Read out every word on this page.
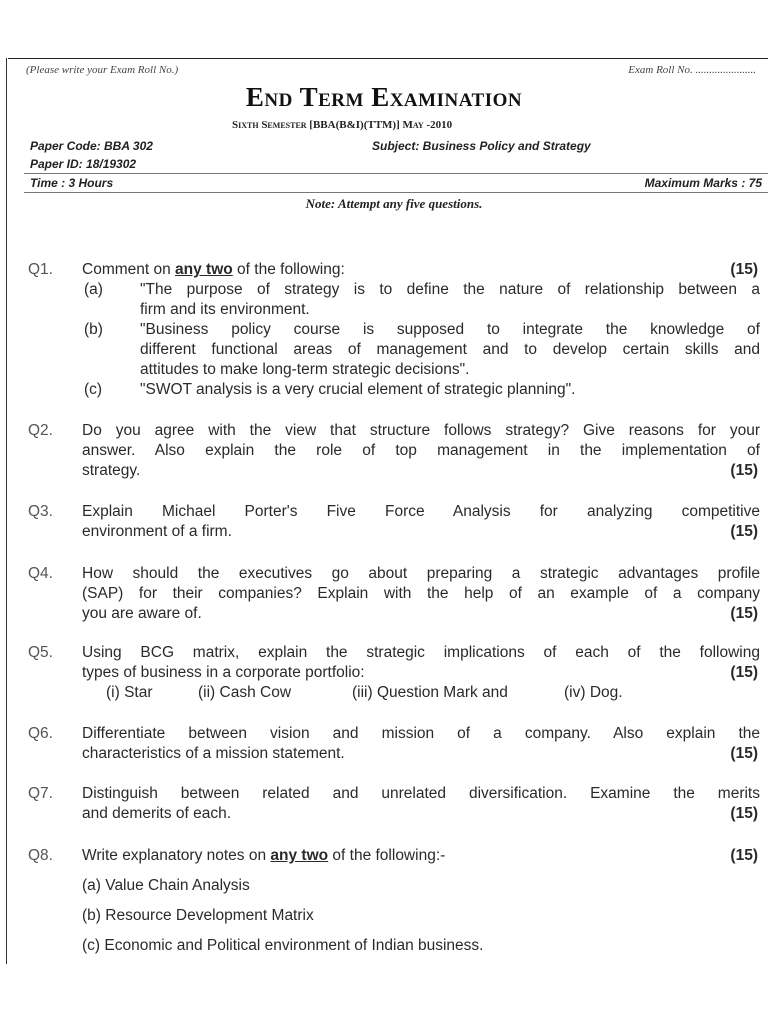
(Please write your Exam Roll No.)	Exam Roll No. ......................
End Term Examination
Sixth Semester [BBA(B&I)(TTM)] May -2010
Paper Code: BBA 302	Subject: Business Policy and Strategy
Paper ID: 18/19302
Time : 3 Hours	Maximum Marks : 75
Note: Attempt any five questions.
Q1. Comment on any two of the following:	(15)
(a) "The purpose of strategy is to define the nature of relationship between a
firm and its environment.
(b) "Business policy course is supposed to integrate the knowledge of
different functional areas of management and to develop certain skills and
attitudes to make long-term strategic decisions".
(c) "SWOT analysis is a very crucial element of strategic planning".
Q2. Do you agree with the view that structure follows strategy? Give reasons for your
answer. Also explain the role of top management in the implementation of
strategy.	(15)
Q3. Explain Michael Porter's Five Force Analysis for analyzing competitive
environment of a firm.	(15)
Q4. How should the executives go about preparing a strategic advantages profile
(SAP) for their companies? Explain with the help of an example of a company
you are aware of.	(15)
Q5. Using BCG matrix, explain the strategic implications of each of the following
types of business in a corporate portfolio:	(15)
(i) Star	(ii) Cash Cow	(iii) Question Mark and	(iv) Dog.
Q6. Differentiate between vision and mission of a company. Also explain the
characteristics of a mission statement.	(15)
Q7. Distinguish between related and unrelated diversification. Examine the merits
and demerits of each.	(15)
Q8. Write explanatory notes on any two of the following:-	(15)
(a) Value Chain Analysis
(b) Resource Development Matrix
(c) Economic and Political environment of Indian business.
